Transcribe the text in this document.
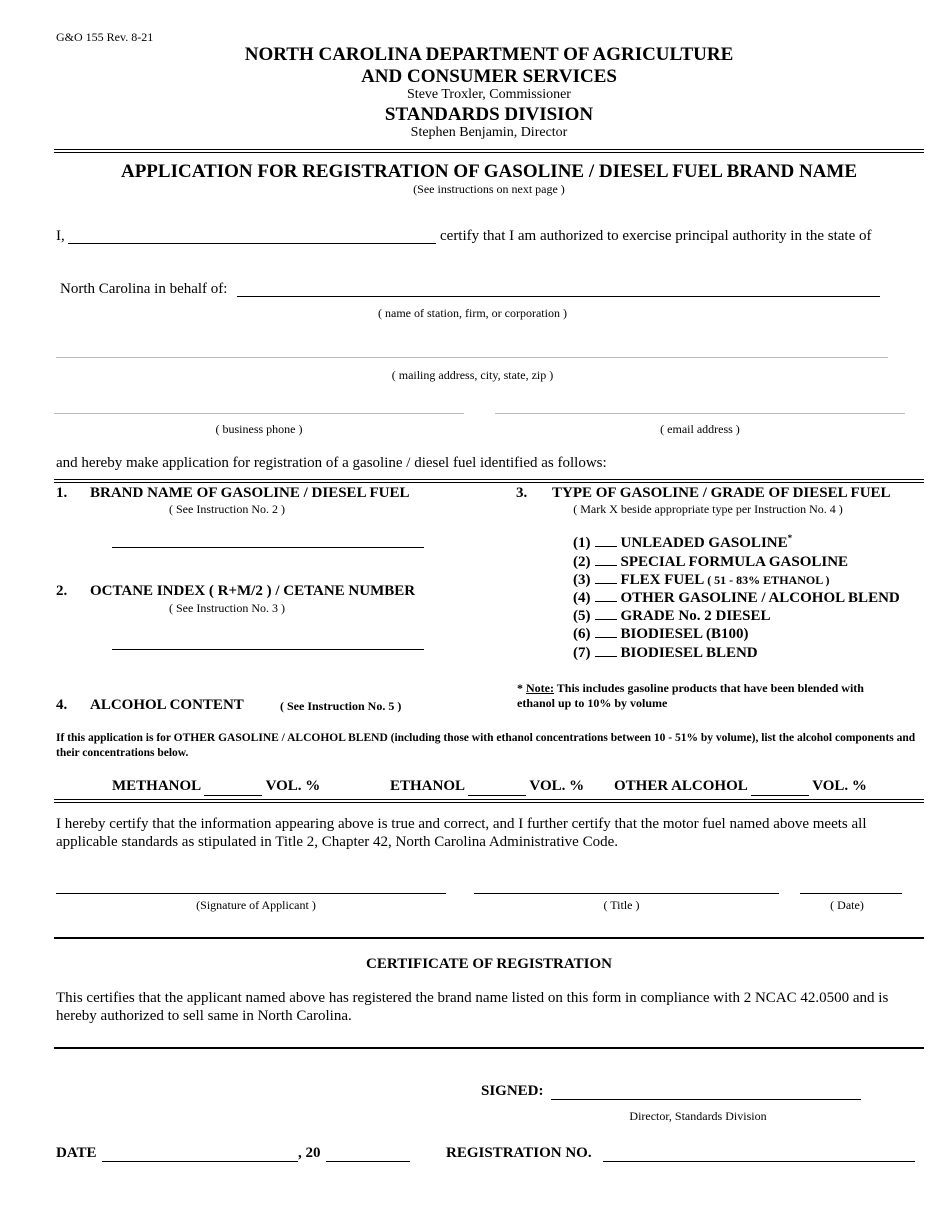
G&O 155 Rev. 8-21
NORTH CAROLINA DEPARTMENT OF AGRICULTURE
AND CONSUMER SERVICES
Steve Troxler, Commissioner
STANDARDS DIVISION
Stephen Benjamin, Director
APPLICATION FOR REGISTRATION OF GASOLINE / DIESEL FUEL BRAND NAME
(See instructions on next page )
I,	certify that I am authorized to exercise principal authority in the state of
North Carolina in behalf of:
( name of station, firm, or corporation )
( mailing address, city, state, zip )
( business phone )	( email address )
and hereby make application for registration of a gasoline / diesel fuel identified as follows:
1. BRAND NAME OF GASOLINE / DIESEL FUEL
( See Instruction No. 2 )
2. OCTANE INDEX ( R+M/2 ) / CETANE NUMBER
( See Instruction No. 3 )
3. TYPE OF GASOLINE / GRADE OF DIESEL FUEL
( Mark X beside appropriate type per Instruction No. 4 )
(1) UNLEADED GASOLINE*
(2) SPECIAL FORMULA GASOLINE
(3) FLEX FUEL ( 51 - 83% ETHANOL )
(4) OTHER GASOLINE / ALCOHOL BLEND
(5) GRADE No. 2 DIESEL
(6) BIODIESEL (B100)
(7) BIODIESEL BLEND
* Note: This includes gasoline products that have been blended with
ethanol up to 10% by volume
4. ALCOHOL CONTENT	( See Instruction No. 5 )

If this application is for OTHER GASOLINE / ALCOHOL BLEND (including those with ethanol concentrations between 10 - 51% by volume), list the alcohol components and their concentrations below.

METHANOL	VOL. %	ETHANOL	VOL. % OTHER ALCOHOL	VOL. %

I hereby certify that the information appearing above is true and correct, and I further certify that the motor fuel named above meets all applicable standards as stipulated in Title 2, Chapter 42, North Carolina Administrative Code.

(Signature of Applicant )	( Title )	( Date)
CERTIFICATE OF REGISTRATION

This certifies that the applicant named above has registered the brand name listed on this form in compliance with 2 NCAC 42.0500 and is hereby authorized to sell same in North Carolina.

SIGNED:
Director, Standards Division
DATE	, 20	REGISTRATION NO.
